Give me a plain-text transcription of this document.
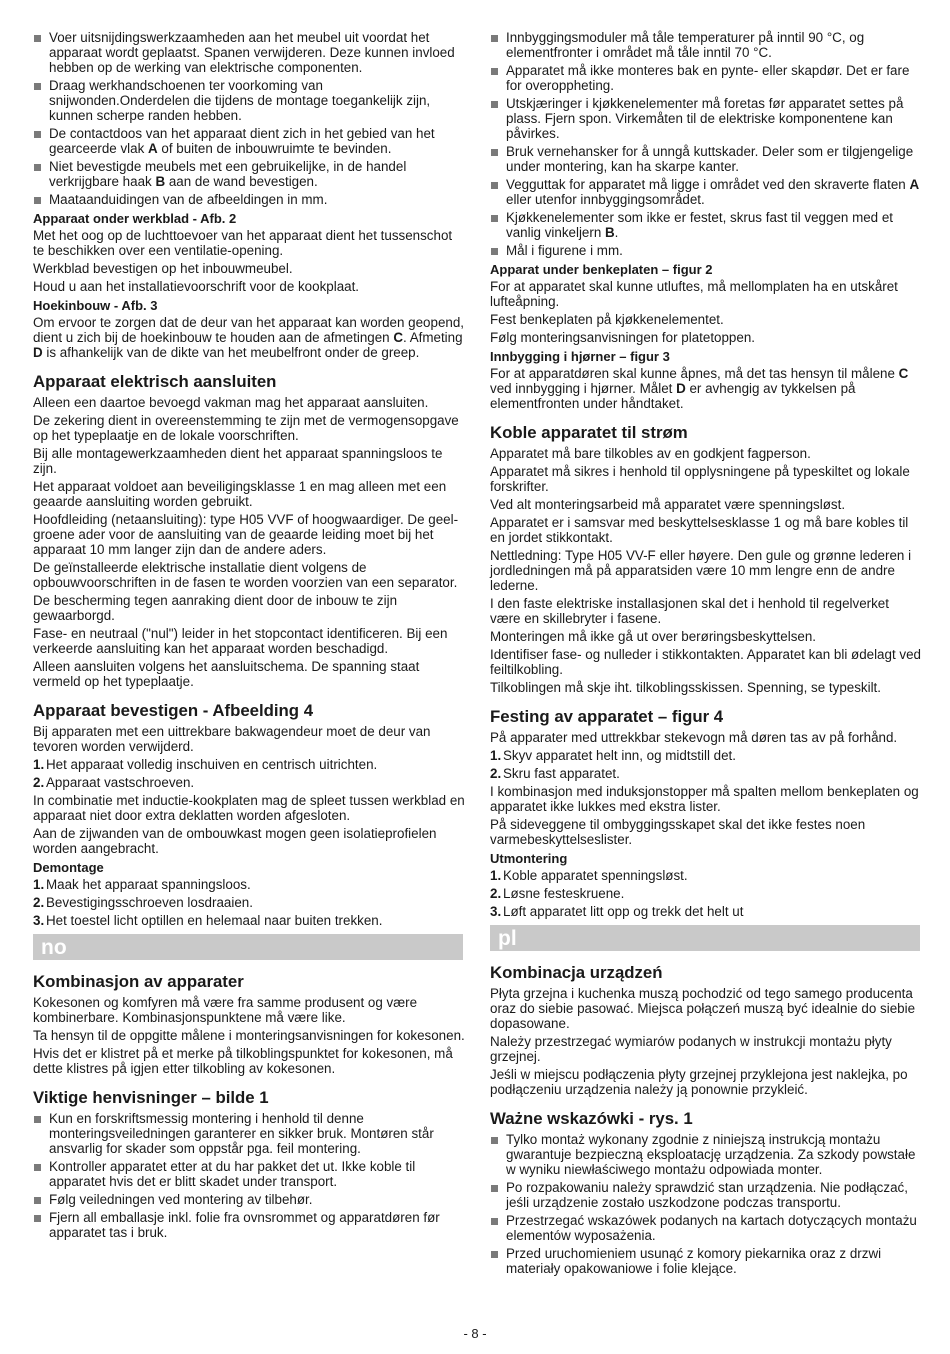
Voer uitsnijdingswerkzaamheden aan het meubel uit voordat het apparaat wordt geplaatst. Spanen verwijderen. Deze kunnen invloed hebben op de werking van elektrische componenten.
Draag werkhandschoenen ter voorkoming van snijwonden.Onderdelen die tijdens de montage toegankelijk zijn, kunnen scherpe randen hebben.
De contactdoos van het apparaat dient zich in het gebied van het gearceerde vlak A of buiten de inbouwruimte te bevinden.
Niet bevestigde meubels met een gebruikelijke, in de handel verkrijgbare haak B aan de wand bevestigen.
Maataanduidingen van de afbeeldingen in mm.
Apparaat onder werkblad - Afb. 2

Met het oog op de luchttoevoer van het apparaat dient het tussenschot te beschikken over een ventilatie-opening.

Werkblad bevestigen op het inbouwmeubel.

Houd u aan het installatievoorschrift voor de kookplaat.

Hoekinbouw - Afb. 3

Om ervoor te zorgen dat de deur van het apparaat kan worden geopend, dient u zich bij de hoekinbouw te houden aan de afmetingen C. Afmeting D is afhankelijk van de dikte van het meubelfront onder de greep.

Apparaat elektrisch aansluiten

Alleen een daartoe bevoegd vakman mag het apparaat aansluiten.

De zekering dient in overeenstemming te zijn met de vermogensopgave op het typeplaatje en de lokale voorschriften.

Bij alle montagewerkzaamheden dient het apparaat spanningsloos te zijn.

Het apparaat voldoet aan beveiligingsklasse 1 en mag alleen met een geaarde aansluiting worden gebruikt.

Hoofdleiding (netaansluiting): type H05 VVF of hoogwaardiger. De geel-groene ader voor de aansluiting van de geaarde leiding moet bij het apparaat 10 mm langer zijn dan de andere aders.

De geïnstalleerde elektrische installatie dient volgens de opbouwvoorschriften in de fasen te worden voorzien van een separator.

De bescherming tegen aanraking dient door de inbouw te zijn gewaarborgd.

Fase- en neutraal ("nul") leider in het stopcontact identificeren. Bij een verkeerde aansluiting kan het apparaat worden beschadigd.

Alleen aansluiten volgens het aansluitschema. De spanning staat vermeld op het typeplaatje.

Apparaat bevestigen - Afbeelding 4

Bij apparaten met een uittrekbare bakwagendeur moet de deur van tevoren worden verwijderd.

1. Het apparaat volledig inschuiven en centrisch uitrichten.
2. Apparaat vastschroeven.

In combinatie met inductie-kookplaten mag de spleet tussen werkblad en apparaat niet door extra deklatten worden afgesloten.

Aan de zijwanden van de ombouwkast mogen geen isolatieprofielen worden aangebracht.

Demontage
1. Maak het apparaat spanningsloos.
2. Bevestigingsschroeven losdraaien.
3. Het toestel licht optillen en helemaal naar buiten trekken.
no
Kombinasjon av apparater

Kokesonen og komfyren må være fra samme produsent og være kombinerbare. Kombinasjonspunktene må være like.

Ta hensyn til de oppgitte målene i monteringsanvisningen for kokesonen.

Hvis det er klistret på et merke på tilkoblingspunktet for kokesonen, må dette klistres på igjen etter tilkobling av kokesonen.

Viktige henvisninger – bilde 1
Kun en forskriftsmessig montering i henhold til denne monteringsveiledningen garanterer en sikker bruk. Montøren står ansvarlig for skader som oppstår pga. feil montering.
Kontroller apparatet etter at du har pakket det ut. Ikke koble til apparatet hvis det er blitt skadet under transport.
Følg veiledningen ved montering av tilbehør.
Fjern all emballasje inkl. folie fra ovnsrommet og apparatdøren før apparatet tas i bruk.
Innbyggingsmoduler må tåle temperaturer på inntil 90 °C, og elementfronter i området må tåle inntil 70 °C.
Apparatet må ikke monteres bak en pynte- eller skapdør. Det er fare for overoppheting.
Utskjæringer i kjøkkenelementer må foretas før apparatet settes på plass. Fjern spon. Virkemåten til de elektriske komponentene kan påvirkes.
Bruk vernehansker for å unngå kuttskader. Deler som er tilgjengelige under montering, kan ha skarpe kanter.
Vegguttak for apparatet må ligge i området ved den skraverte flaten A eller utenfor innbyggingsområdet.
Kjøkkenelementer som ikke er festet, skrus fast til veggen med et vanlig vinkeljern B.
Mål i figurene i mm.
Apparat under benkeplaten – figur 2

For at apparatet skal kunne utluftes, må mellomplaten ha en utskåret lufteåpning.

Fest benkeplaten på kjøkkenelementet.

Følg monteringsanvisningen for platetoppen.

Innbygging i hjørner – figur 3

For at apparatdøren skal kunne åpnes, må det tas hensyn til målene C ved innbygging i hjørner. Målet D er avhengig av tykkelsen på elementfronten under håndtaket.

Koble apparatet til strøm

Apparatet må bare tilkobles av en godkjent fagperson.

Apparatet må sikres i henhold til opplysningene på typeskiltet og lokale forskrifter.

Ved alt monteringsarbeid må apparatet være spenningsløst.

Apparatet er i samsvar med beskyttelsesklasse 1 og må bare kobles til en jordet stikkontakt.

Nettledning: Type H05 VV-F eller høyere. Den gule og grønne lederen i jordledningen må på apparatsiden være 10 mm lengre enn de andre lederne.

I den faste elektriske installasjonen skal det i henhold til regelverket være en skillebryter i fasene.

Monteringen må ikke gå ut over berøringsbeskyttelsen.

Identifiser fase- og nulleder i stikkontakten. Apparatet kan bli ødelagt ved feiltilkobling.

Tilkoblingen må skje iht. tilkoblingsskissen. Spenning, se typeskilt.

Festing av apparatet – figur 4

På apparater med uttrekkbar stekevogn må døren tas av på forhånd.

1. Skyv apparatet helt inn, og midtstill det.
2. Skru fast apparatet.

I kombinasjon med induksjonstopper må spalten mellom benkeplaten og apparatet ikke lukkes med ekstra lister.

På sideveggene til ombyggingsskapet skal det ikke festes noen varmebeskyttelseslister.

Utmontering
1. Koble apparatet spenningsløst.
2. Løsne festeskruene.
3. Løft apparatet litt opp og trekk det helt ut
pl
Kombinacja urządzeń

Płyta grzejna i kuchenka muszą pochodzić od tego samego producenta oraz do siebie pasować. Miejsca połączeń muszą być idealnie do siebie dopasowane.

Należy przestrzegać wymiarów podanych w instrukcji montażu płyty grzejnej.

Jeśli w miejscu podłączenia płyty grzejnej przyklejona jest naklejka, po podłączeniu urządzenia należy ją ponownie przykleić.

Ważne wskazówki - rys. 1
Tylko montaż wykonany zgodnie z niniejszą instrukcją montażu gwarantuje bezpieczną eksploatację urządzenia. Za szkody powstałe w wyniku niewłaściwego montażu odpowiada monter.
Po rozpakowaniu należy sprawdzić stan urządzenia. Nie podłączać, jeśli urządzenie zostało uszkodzone podczas transportu.
Przestrzegać wskazówek podanych na kartach dotyczących montażu elementów wyposażenia.
Przed uruchomieniem usunąć z komory piekarnika oraz z drzwi materiały opakowaniowe i folie klejące.
- 8 -
